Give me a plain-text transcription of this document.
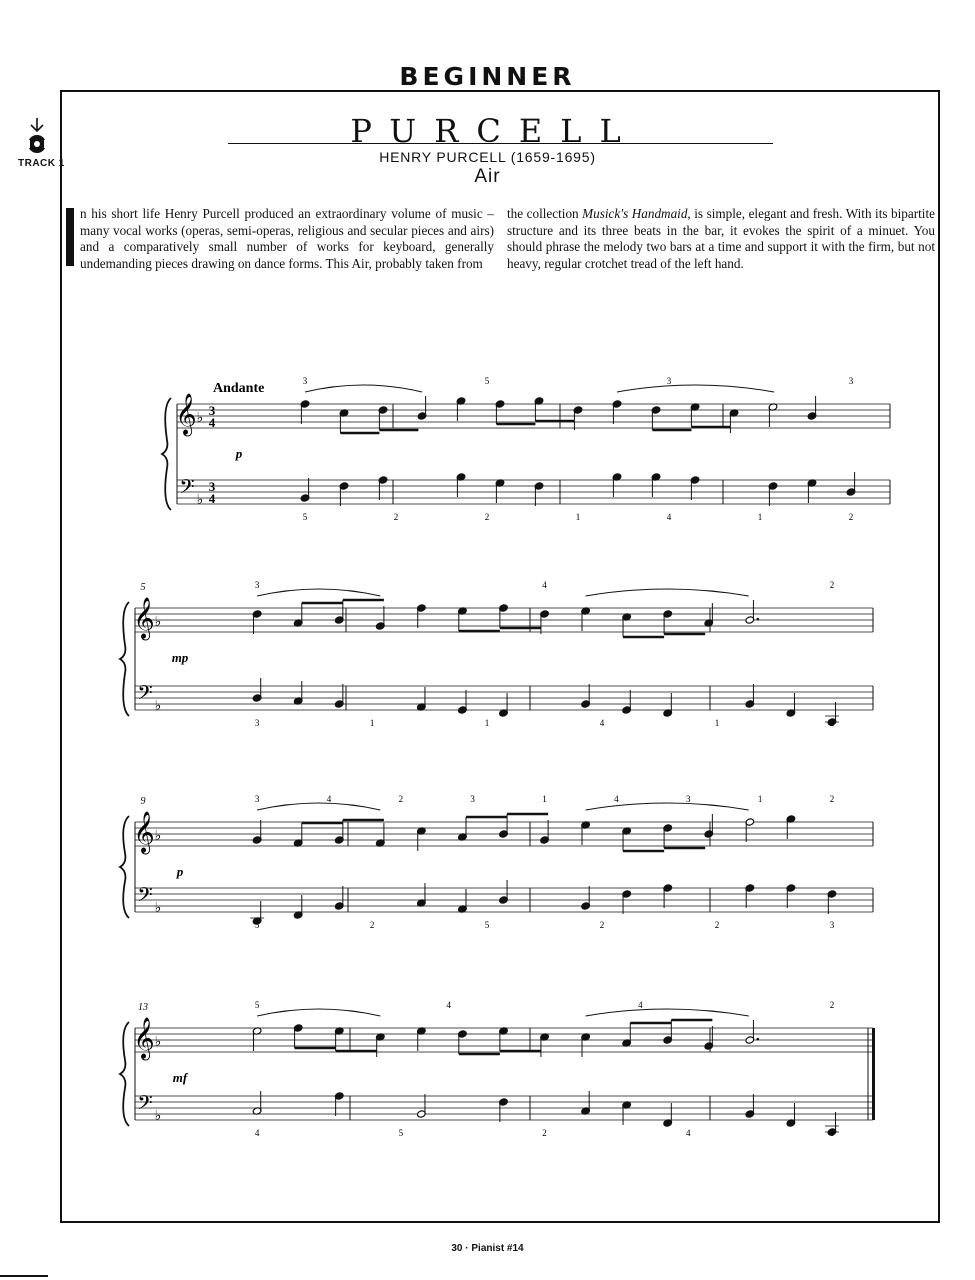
BEGINNER
TRACK 1
PURCELL
HENRY PURCELL (1659-1695)
Air
n his short life Henry Purcell produced an extraordinary volume of music – many vocal works (operas, semi-operas, religious and secular pieces and airs) and a comparatively small number of works for keyboard, generally undemanding pieces drawing on dance forms. This Air, probably taken from
the collection Musick's Handmaid, is simple, elegant and fresh. With its bipartite structure and its three beats in the bar, it evokes the spirit of a minuet. You should phrase the melody two bars at a time and support it with the firm, but not heavy, regular crotchet tread of the left hand.
Andante
𝄞
𝄢
♭
♭
3
4
3
4
p
3	5	3	3
5	2	2	1	4	1	2
𝄞
𝄢
♭
♭
5
mp
3	4	2
3	1	1	4	1	2
𝄞
𝄢
♭
♭
9
p
3	4	2	3	1	4	3	1	2
5	2	5	2	2	3
𝄞
𝄢
♭
♭
13
mf
5	4	4	2
4	5	2	4	1
30 · Pianist #14
